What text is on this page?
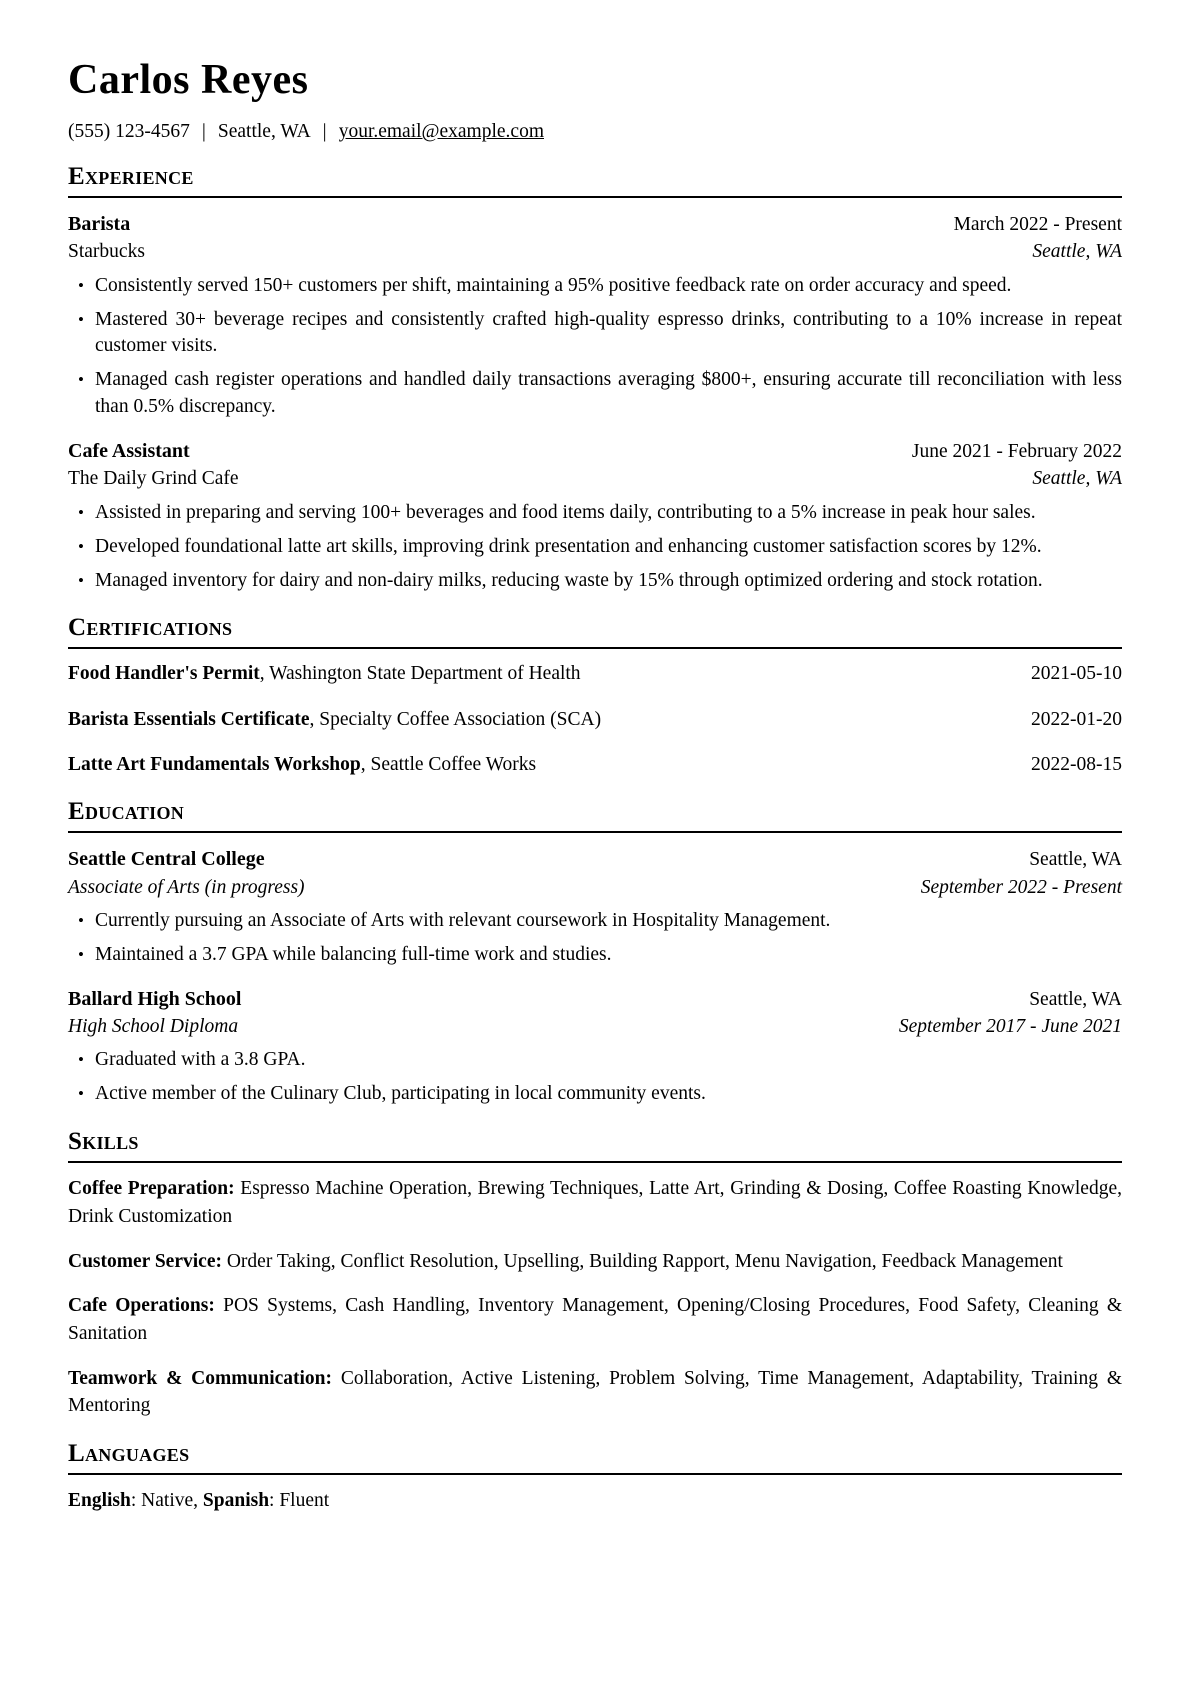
Carlos Reyes
(555) 123-4567 | Seattle, WA | your.email@example.com
Experience
Barista	March 2022 - Present
Starbucks	Seattle, WA
• Consistently served 150+ customers per shift, maintaining a 95% positive feedback rate on order accuracy and speed.
• Mastered 30+ beverage recipes and consistently crafted high-quality espresso drinks, contributing to a 10% increase in repeat customer visits.
• Managed cash register operations and handled daily transactions averaging $800+, ensuring accurate till reconciliation with less than 0.5% discrepancy.
Cafe Assistant	June 2021 - February 2022
The Daily Grind Cafe	Seattle, WA
• Assisted in preparing and serving 100+ beverages and food items daily, contributing to a 5% increase in peak hour sales.
• Developed foundational latte art skills, improving drink presentation and enhancing customer satisfaction scores by 12%.
• Managed inventory for dairy and non-dairy milks, reducing waste by 15% through optimized ordering and stock rotation.
Certifications
Food Handler's Permit, Washington State Department of Health	2021-05-10
Barista Essentials Certificate, Specialty Coffee Association (SCA)	2022-01-20
Latte Art Fundamentals Workshop, Seattle Coffee Works	2022-08-15
Education
Seattle Central College	Seattle, WA
Associate of Arts (in progress)	September 2022 - Present
• Currently pursuing an Associate of Arts with relevant coursework in Hospitality Management.
• Maintained a 3.7 GPA while balancing full-time work and studies.
Ballard High School	Seattle, WA
High School Diploma	September 2017 - June 2021
• Graduated with a 3.8 GPA.
• Active member of the Culinary Club, participating in local community events.
Skills

Coffee Preparation: Espresso Machine Operation, Brewing Techniques, Latte Art, Grinding & Dosing, Coffee Roasting Knowledge, Drink Customization

Customer Service: Order Taking, Conflict Resolution, Upselling, Building Rapport, Menu Navigation, Feedback Management

Cafe Operations: POS Systems, Cash Handling, Inventory Management, Opening/Closing Procedures, Food Safety, Cleaning & Sanitation

Teamwork & Communication: Collaboration, Active Listening, Problem Solving, Time Management, Adaptability, Training & Mentoring

Languages

English: Native, Spanish: Fluent
